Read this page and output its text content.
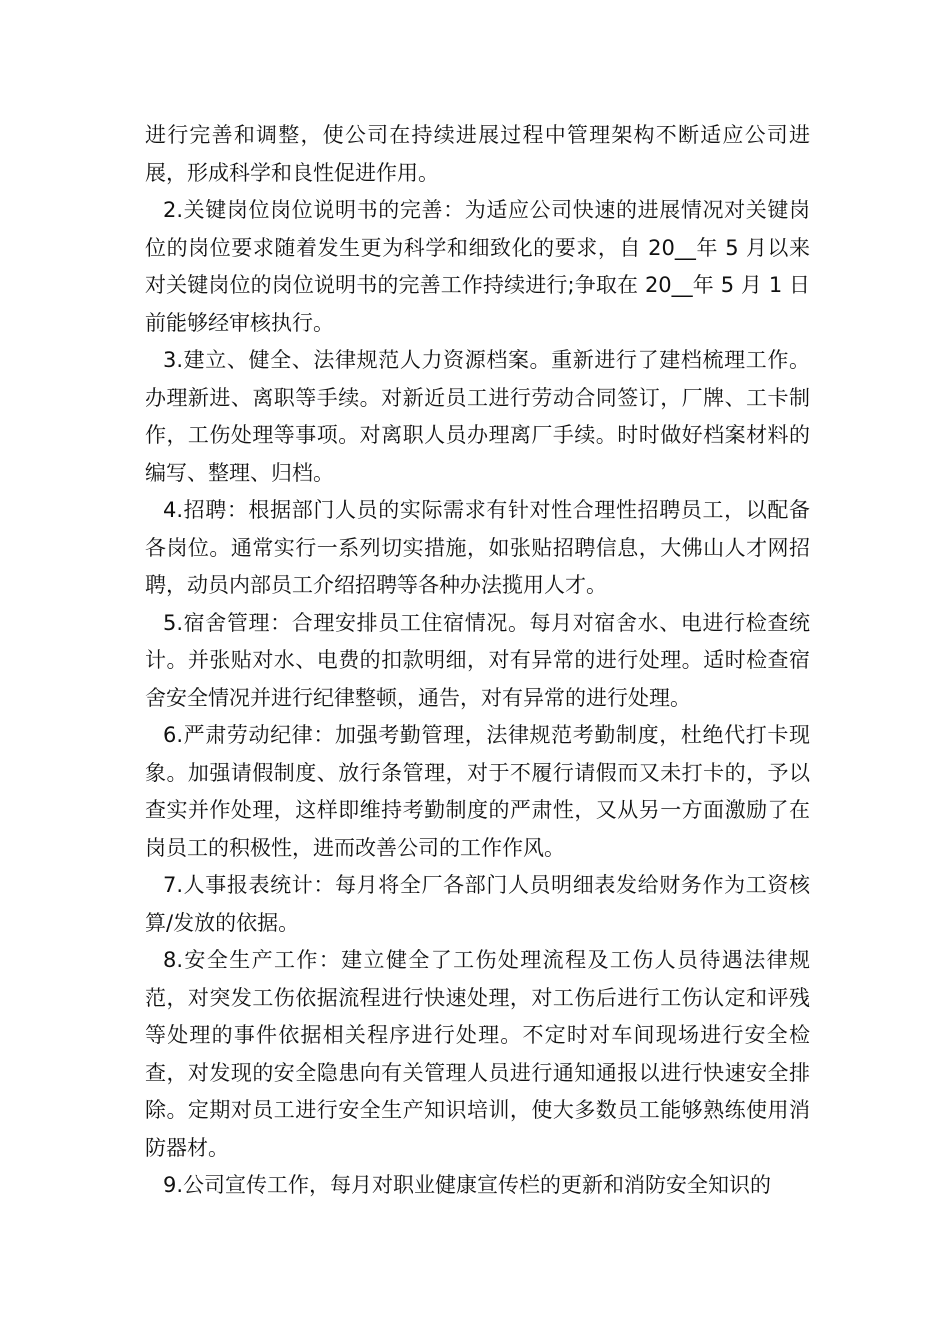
进行完善和调整，使公司在持续进展过程中管理架构不断适应公司进展，形成科学和良性促进作用。

2.关键岗位岗位说明书的完善：为适应公司快速的进展情况对关键岗位的岗位要求随着发生更为科学和细致化的要求，自 20__年 5 月以来对关键岗位的岗位说明书的完善工作持续进行;争取在 20__年 5 月 1 日前能够经审核执行。

3.建立、健全、法律规范人力资源档案。重新进行了建档梳理工作。办理新进、离职等手续。对新近员工进行劳动合同签订，厂牌、工卡制作，工伤处理等事项。对离职人员办理离厂手续。时时做好档案材料的编写、整理、归档。

4.招聘：根据部门人员的实际需求有针对性合理性招聘员工，以配备各岗位。通常实行一系列切实措施，如张贴招聘信息，大佛山人才网招聘，动员内部员工介绍招聘等各种办法揽用人才。

5.宿舍管理：合理安排员工住宿情况。每月对宿舍水、电进行检查统计。并张贴对水、电费的扣款明细，对有异常的进行处理。适时检查宿舍安全情况并进行纪律整顿，通告，对有异常的进行处理。

6.严肃劳动纪律：加强考勤管理，法律规范考勤制度，杜绝代打卡现象。加强请假制度、放行条管理，对于不履行请假而又未打卡的，予以查实并作处理，这样即维持考勤制度的严肃性，又从另一方面激励了在岗员工的积极性，进而改善公司的工作作风。

7.人事报表统计：每月将全厂各部门人员明细表发给财务作为工资核算/发放的依据。

8.安全生产工作：建立健全了工伤处理流程及工伤人员待遇法律规范，对突发工伤依据流程进行快速处理，对工伤后进行工伤认定和评残等处理的事件依据相关程序进行处理。不定时对车间现场进行安全检查，对发现的安全隐患向有关管理人员进行通知通报以进行快速安全排除。定期对员工进行安全生产知识培训，使大多数员工能够熟练使用消防器材。

9.公司宣传工作，每月对职业健康宣传栏的更新和消防安全知识的
